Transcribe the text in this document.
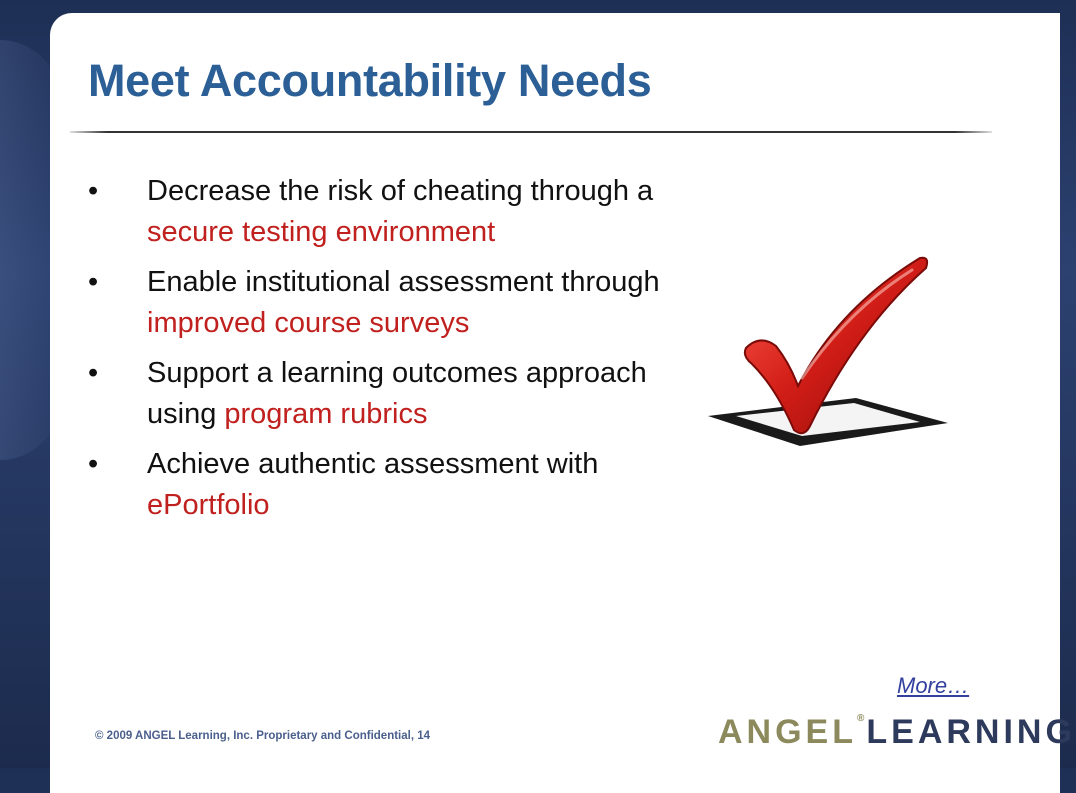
Meet Accountability Needs
• Decrease the risk of cheating through a secure testing environment
• Enable institutional assessment through improved course surveys
• Support a learning outcomes approach using program rubrics
• Achieve authentic assessment with ePortfolio
More…
© 2009 ANGEL Learning, Inc. Proprietary and Confidential, 14	ANGEL®LEARNING
